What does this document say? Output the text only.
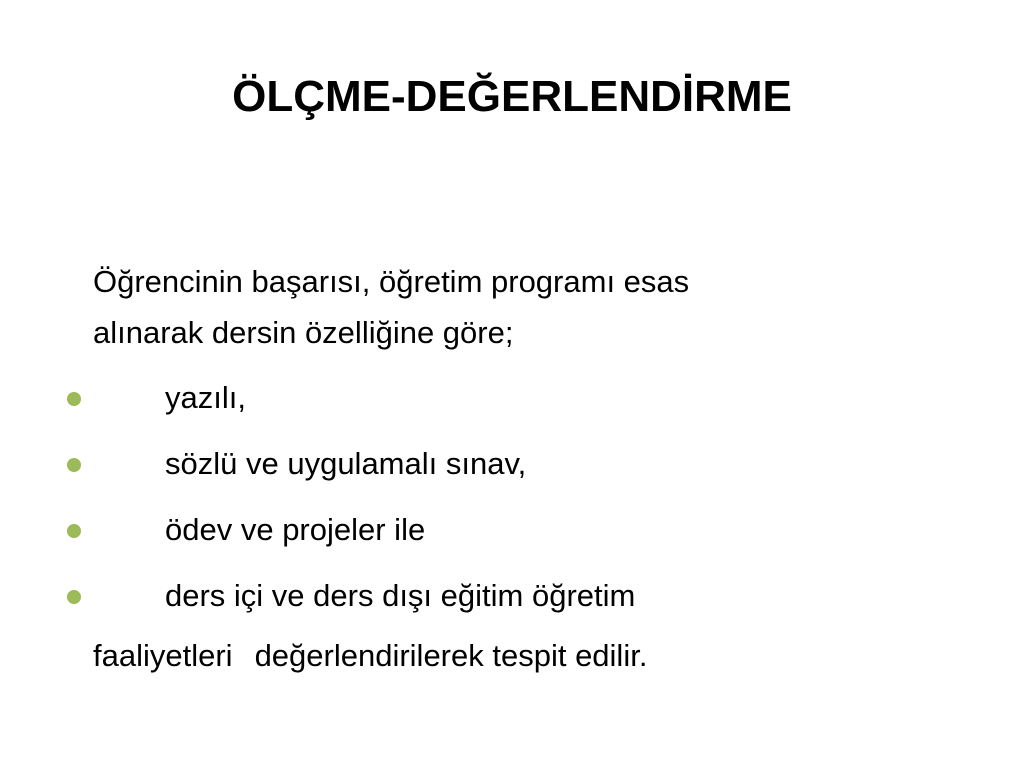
ÖLÇME-DEĞERLENDİRME
Öğrencinin başarısı, öğretim programı esas
alınarak dersin özelliğine göre;
yazılı,
sözlü ve uygulamalı sınav,
ödev ve projeler ile
ders içi ve ders dışı eğitim öğretim
faaliyetleri değerlendirilerek tespit edilir.
